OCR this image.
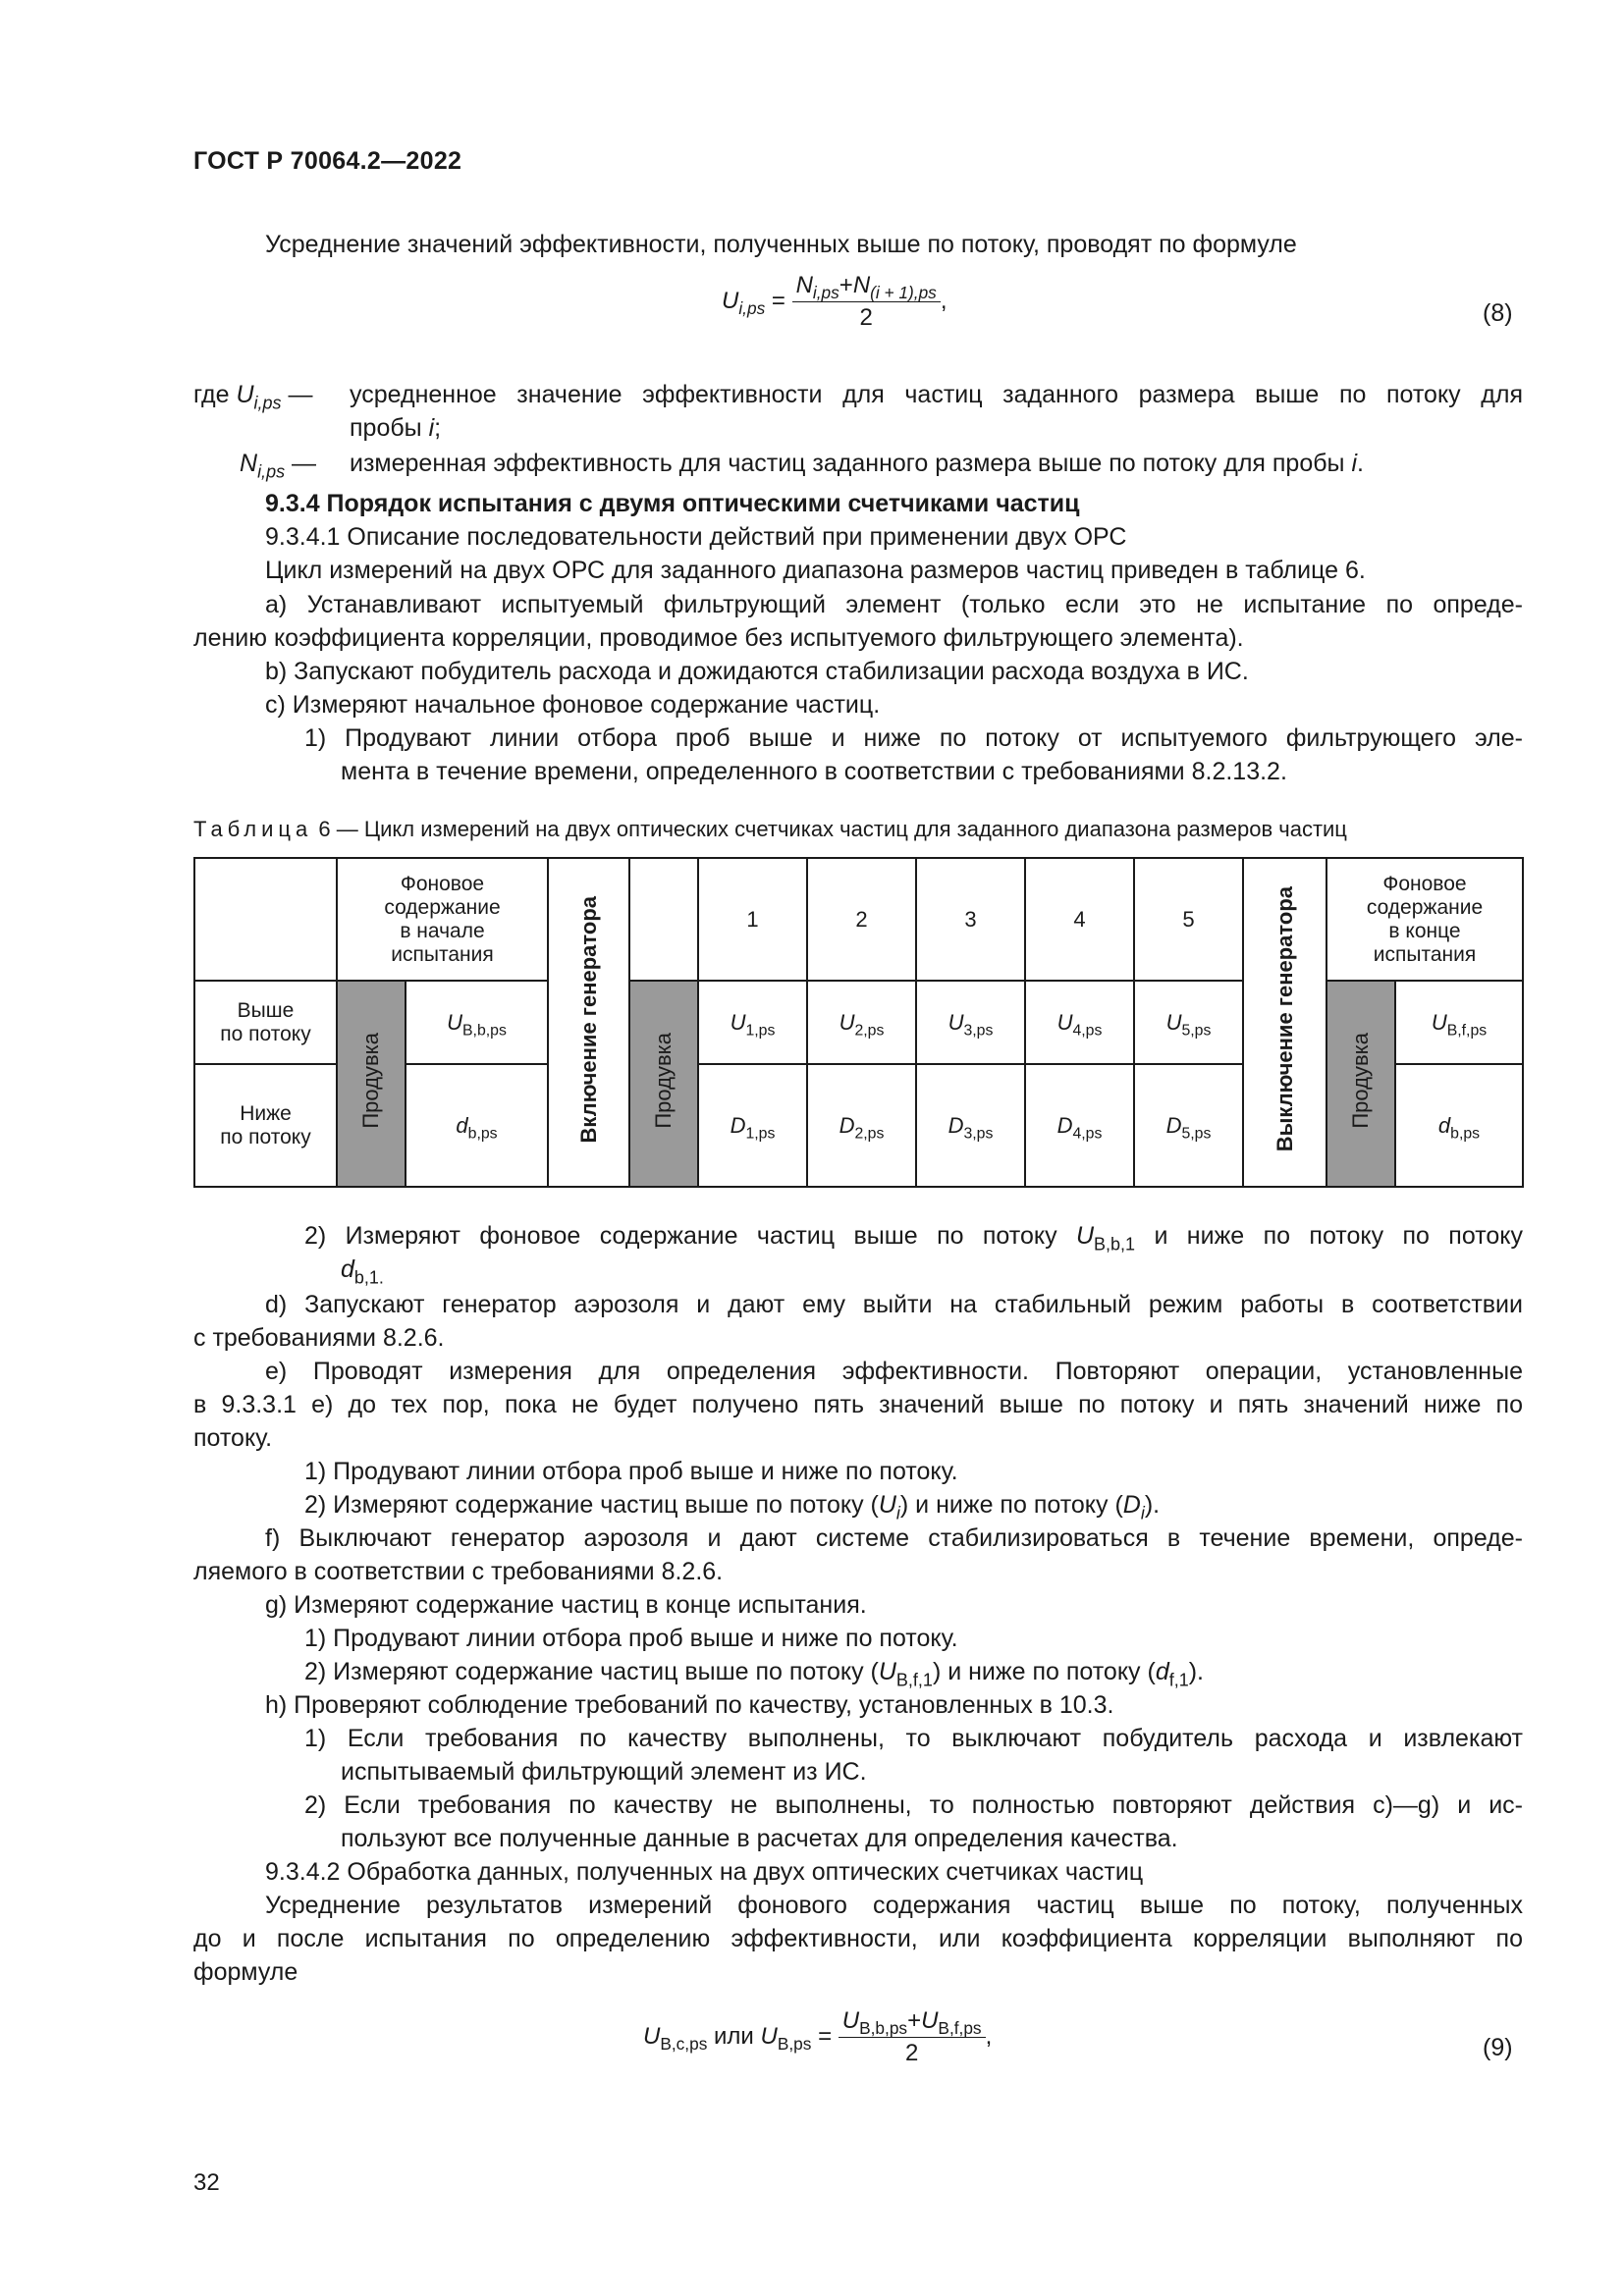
ГОСТ Р 70064.2—2022
Усреднение значений эффективности, полученных выше по потоку, проводят по формуле
$U_{i,ps} = \frac{N_{i,ps}+N_{(i + 1),ps}}{2}$ ,	(8)
где $U_{i,ps}$ — усредненное значение эффективности для частиц заданного размера выше по потоку для
пробы i;
$N_{i,ps}$ — измеренная эффективность для частиц заданного размера выше по потоку для пробы i.
9.3.4 Порядок испытания с двумя оптическими счетчиками частиц
9.3.4.1 Описание последовательности действий при применении двух ОРС
Цикл измерений на двух ОРС для заданного диапазона размеров частиц приведен в таблице 6.
a) Устанавливают испытуемый фильтрующий элемент (только если это не испытание по опреде-
лению коэффициента корреляции, проводимое без испытуемого фильтрующего элемента).
b) Запускают побудитель расхода и дожидаются стабилизации расхода воздуха в ИС.
c) Измеряют начальное фоновое содержание частиц.
1) Продувают линии отбора проб выше и ниже по потоку от испытуемого фильтрующего эле-
мента в течение времени, определенного в соответствии с требованиями 8.2.13.2.
Таблица 6 — Цикл измерений на двух оптических счетчиках частиц для заданного диапазона размеров частиц
	Фоновое
содержание
в начале
испытания		Включение генератора		1	2	3	4	5	Выключение генератора	Фоновое
содержание
в конце
испытания	
Выше
по потоку	Продувка	$U_{B,b,ps}$		Продувка	$U_{1,ps}$	$U_{2,ps}$	$U_{3,ps}$	$U_{4,ps}$	$U_{5,ps}$		Продувка	$U_{B,f,ps}$
Ниже
по потоку		$d_{b,ps}$			$D_{1,ps}$	$D_{2,ps}$	$D_{3,ps}$	$D_{4,ps}$	$D_{5,ps}$			$d_{b,ps}$
2) Измеряют фоновое содержание частиц выше по потоку $U_{B,b,1}$ и ниже по потоку по потоку
$d_{b,1.}$
d) Запускают генератор аэрозоля и дают ему выйти на стабильный режим работы в соответствии
с требованиями 8.2.6.
e) Проводят измерения для определения эффективности. Повторяют операции, установленные
в 9.3.3.1 e) до тех пор, пока не будет получено пять значений выше по потоку и пять значений ниже по
потоку.
1) Продувают линии отбора проб выше и ниже по потоку.
2) Измеряют содержание частиц выше по потоку $(U_i)$ и ниже по потоку $(D_i)$.
f) Выключают генератор аэрозоля и дают системе стабилизироваться в течение времени, опреде-
ляемого в соответствии с требованиями 8.2.6.
g) Измеряют содержание частиц в конце испытания.
1) Продувают линии отбора проб выше и ниже по потоку.
2) Измеряют содержание частиц выше по потоку $(U_{B,f,1})$ и ниже по потоку $(d_{f,1})$.
h) Проверяют соблюдение требований по качеству, установленных в 10.3.
1) Если требования по качеству выполнены, то выключают побудитель расхода и извлекают
испытываемый фильтрующий элемент из ИС.
2) Если требования по качеству не выполнены, то полностью повторяют действия c)—g) и ис-
пользуют все полученные данные в расчетах для определения качества.
9.3.4.2 Обработка данных, полученных на двух оптических счетчиках частиц
Усреднение результатов измерений фонового содержания частиц выше по потоку, полученных
до и после испытания по определению эффективности, или коэффициента корреляции выполняют по
формуле
$U_{B,c,ps}$ или $U_{B,ps} = \frac{U_{B,b,ps}+U_{B,f,ps}}{2}$ ,	(9)
32
